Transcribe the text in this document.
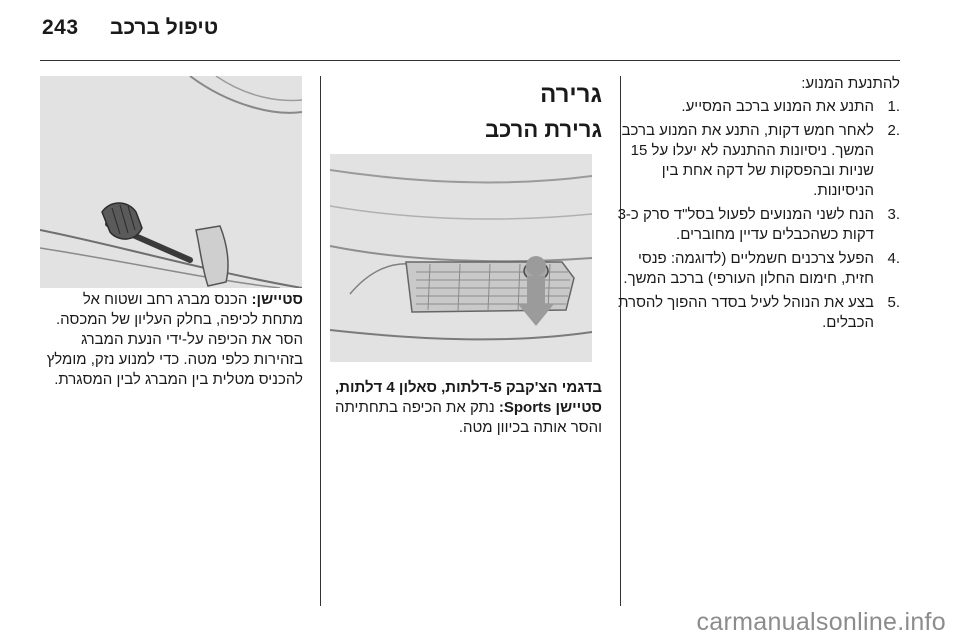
243 טיפול ברכב

להתנעת המנוע:

1.
התנע את המנוע ברכב המסייע.
2.
לאחר חמש דקות, התנע את המנוע ברכב המשך. ניסיונות ההתנעה לא יעלו על 15 שניות ובהפסקות של דקה אחת בין הניסיונות.
3.
הנח לשני המנועים לפעול בסל"ד סרק כ-3 דקות כשהכבלים עדיין מחוברים.
4.
הפעל צרכנים חשמליים (לדוגמה: פנסי חזית, חימום החלון העורפי) ברכב המשך.
5.
בצע את הנוהל לעיל בסדר ההפוך להסרת הכבלים.
גרירה
גרירת הרכב

בדגמי הצ'קבק 5-דלתות, סאלון 4 דלתות,

סטיישן Sports: נתק את הכיפה בתחתיתה והסר אותה בכיוון מטה.

סטיישן: הכנס מברג רחב ושטוח אל מתחת לכיפה, בחלק העליון של המכסה. הסר את הכיפה על-ידי הנעת המברג בזהירות כלפי מטה. כדי למנוע נזק, מומלץ להכניס מטלית בין המברג לבין המסגרת.

carmanualsonline.info
